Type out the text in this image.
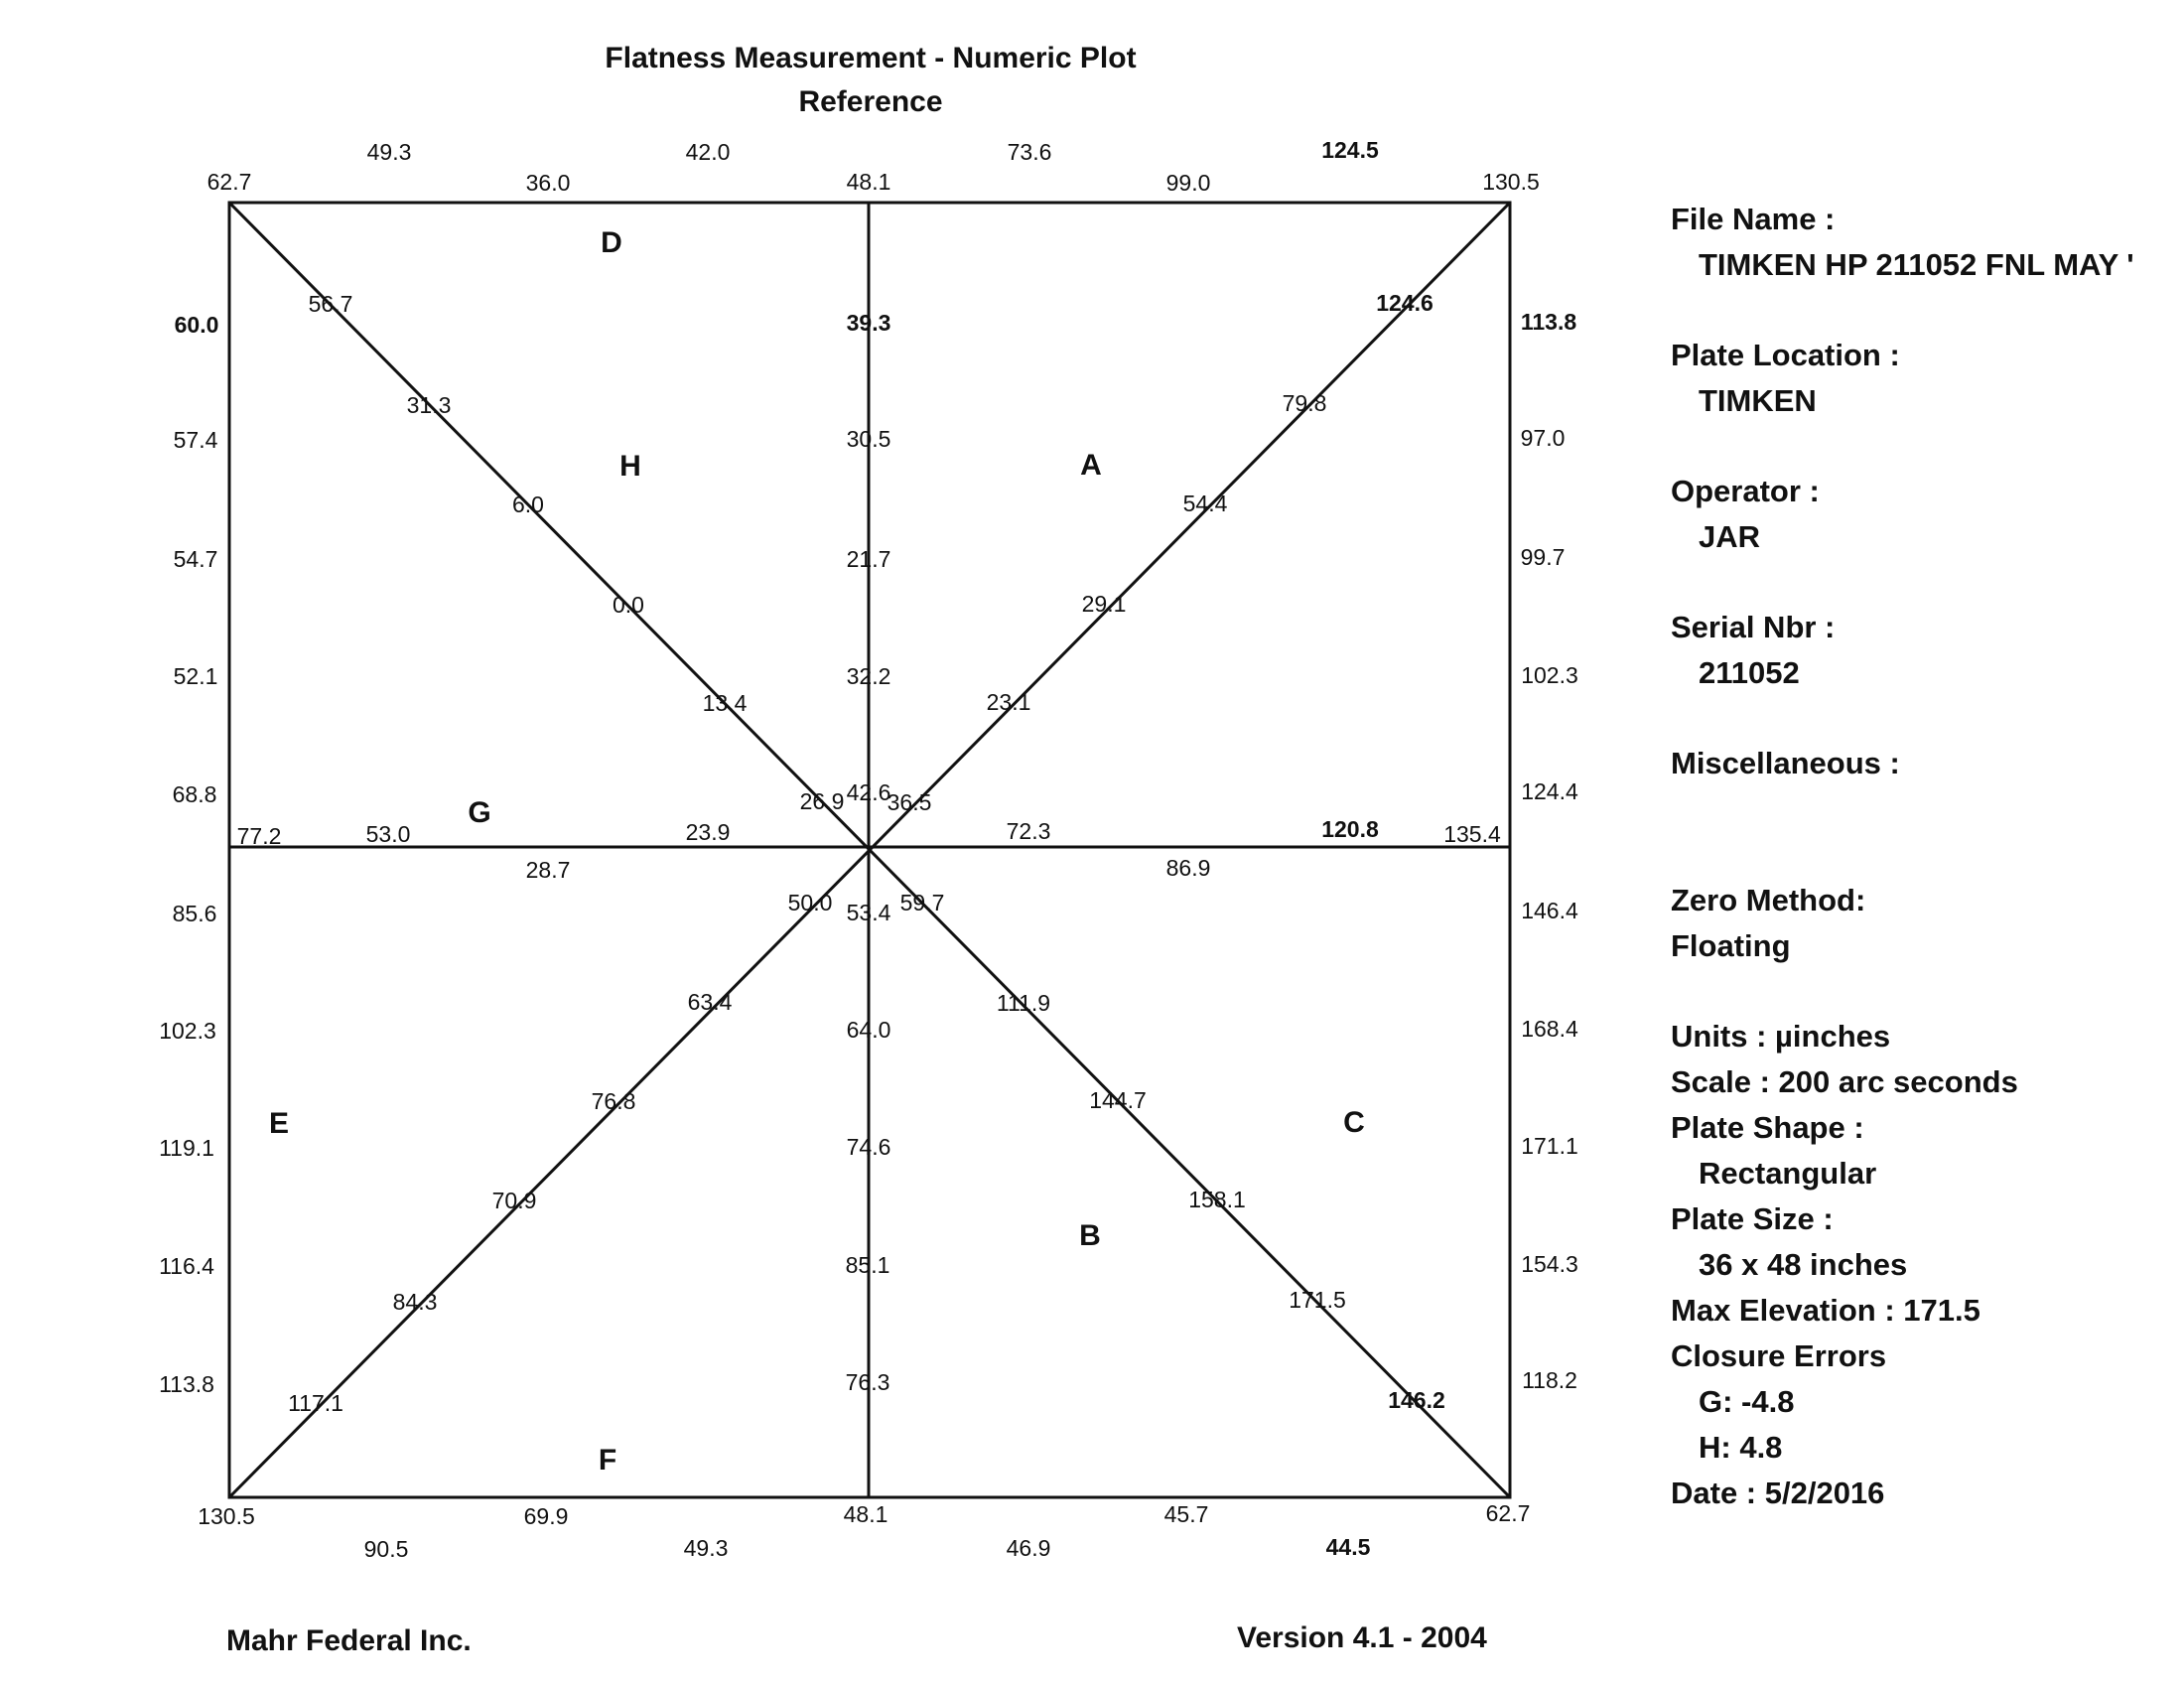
Flatness Measurement - Numeric Plot
Reference
A
B
C
D
E
F
G
H
62.7	48.1	130.5
77.2	135.4
130.5	48.1	62.7
49.3
36.0
42.0	73.6
99.0
124.5
90.5
69.9
49.3	46.9
45.7
44.5
60.0
57.4
54.7
52.1
68.8
85.6
102.3
119.1
116.4
113.8
113.8
97.0
99.7
102.3
124.4
146.4
168.4
171.1
154.3
118.2
39.3
30.5
21.7
32.2
42.6
53.4
64.0
74.6
85.1
76.3
53.0
28.7
23.9	72.3
86.9
120.8
56.7
31.3
6.0
0.0
13.4
26.9
59.7
111.9
144.7
158.1
171.5
146.2
124.6
79.8
54.4
29.1
23.1
36.5
50.0
63.4
76.8
70.9
84.3
117.1
File Name :
TIMKEN HP 211052 FNL MAY '
Plate Location :
TIMKEN
Operator :
JAR
Serial Nbr :
211052
Miscellaneous :
Zero Method:
Floating
Units : µinches
Scale : 200 arc seconds
Plate Shape :
Rectangular
Plate Size :
36 x 48 inches
Max Elevation : 171.5
Closure Errors
G: -4.8
H: 4.8
Date : 5/2/2016
Mahr Federal Inc.	Version 4.1 - 2004
